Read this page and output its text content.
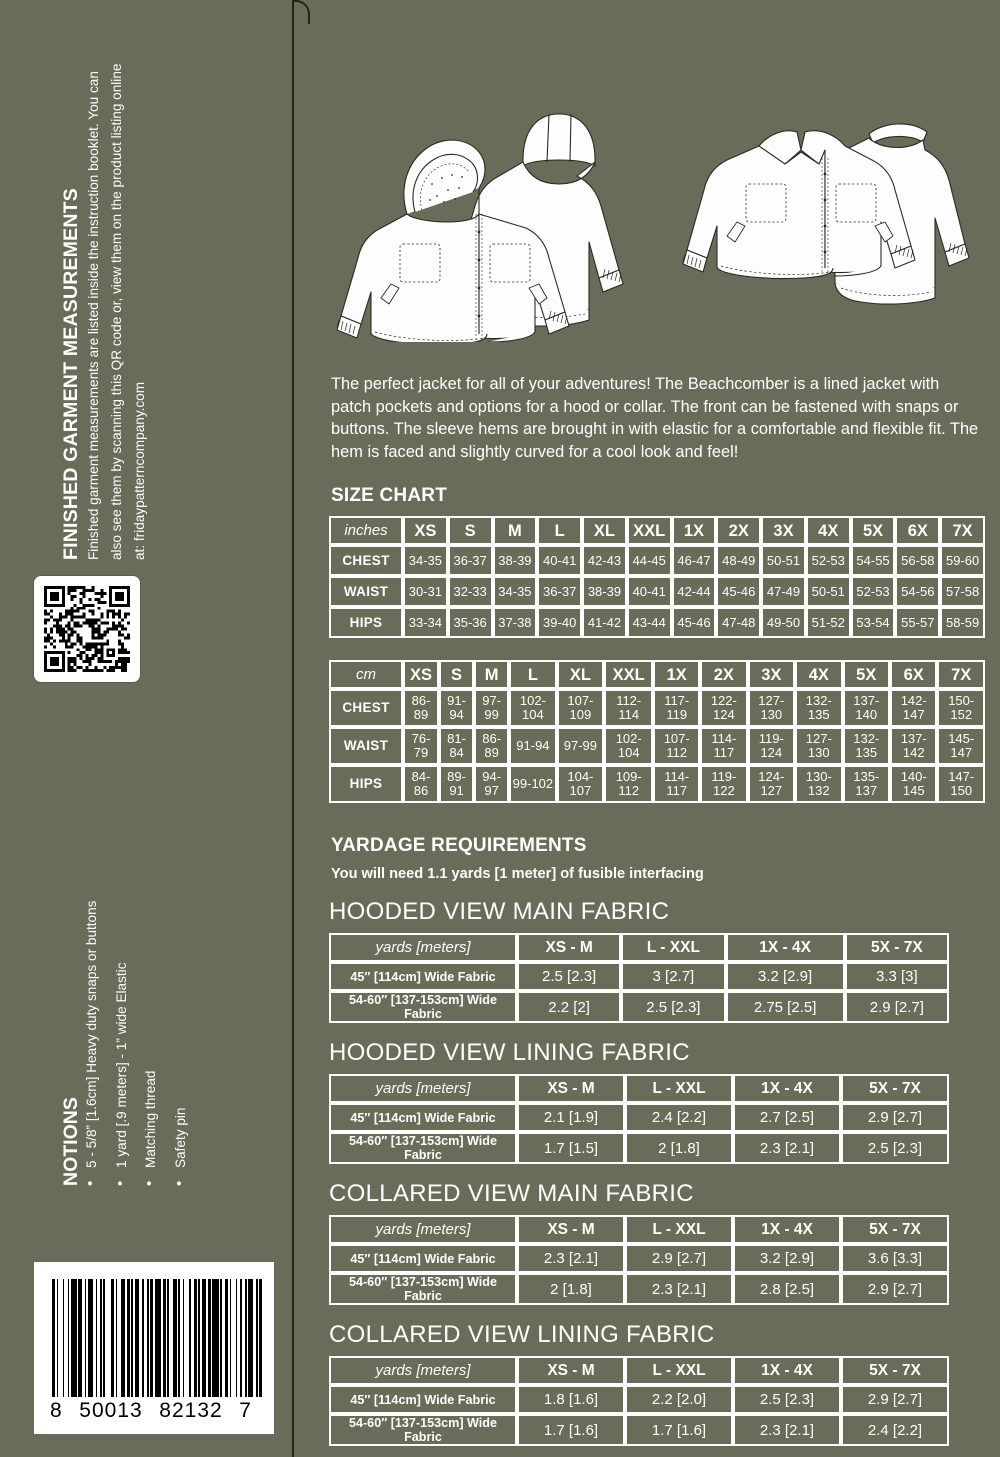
FINISHED GARMENT MEASUREMENTS Finished garment measurements are listed inside the instruction booklet. You can also see them by scanning this QR code or, view them on the product listing online at: fridaypatterncompany.com

NOTIONS • 5 - 5/8” [1.6cm] Heavy duty snaps or buttons • 1 yard [.9 meters] - 1” wide Elastic • Matching thread • Safety pin
8 50013 82132 7
The perfect jacket for all of your adventures! The Beachcomber is a lined jacket with patch pockets and options for a hood or collar. The front can be fastened with snaps or buttons. The sleeve hems are brought in with elastic for a comfortable and flexible fit. The hem is faced and slightly curved for a cool look and feel!
SIZE CHART
inches	XS	S	M	L	XL	XXL	1X	2X	3X	4X	5X	6X	7X
CHEST	34-35	36-37	38-39	40-41	42-43	44-45	46-47	48-49	50-51	52-53	54-55	56-58	59-60
WAIST	30-31	32-33	34-35	36-37	38-39	40-41	42-44	45-46	47-49	50-51	52-53	54-56	57-58
HIPS	33-34	35-36	37-38	39-40	41-42	43-44	45-46	47-48	49-50	51-52	53-54	55-57	58-59
cm	XS	S	M	L	XL	XXL	1X	2X	3X	4X	5X	6X	7X
CHEST	86-89	91-94	97-99	102-104	107-109	112-114	117-119	122-124	127-130	132-135	137-140	142-147	150-152
WAIST	76-79	81-84	86-89	91-94	97-99	102-104	107-112	114-117	119-124	127-130	132-135	137-142	145-147
HIPS	84-86	89-91	94-97	99-102	104-107	109-112	114-117	119-122	124-127	130-132	135-137	140-145	147-150
YARDAGE REQUIREMENTS
You will need 1.1 yards [1 meter] of fusible interfacing
HOODED VIEW MAIN FABRIC
yards [meters]	XS - M	L - XXL	1X - 4X	5X - 7X
45″ [114cm] Wide Fabric	2.5 [2.3]	3 [2.7]	3.2 [2.9]	3.3 [3]
54-60″ [137-153cm] Wide Fabric	2.2 [2]	2.5 [2.3]	2.75 [2.5]	2.9 [2.7]
HOODED VIEW LINING FABRIC
yards [meters]	XS - M	L - XXL	1X - 4X	5X - 7X
45″ [114cm] Wide Fabric	2.1 [1.9]	2.4 [2.2]	2.7 [2.5]	2.9 [2.7]
54-60″ [137-153cm] Wide Fabric	1.7 [1.5]	2 [1.8]	2.3 [2.1]	2.5 [2.3]
COLLARED VIEW MAIN FABRIC
yards [meters]	XS - M	L - XXL	1X - 4X	5X - 7X
45″ [114cm] Wide Fabric	2.3 [2.1]	2.9 [2.7]	3.2 [2.9]	3.6 [3.3]
54-60″ [137-153cm] Wide Fabric	2 [1.8]	2.3 [2.1]	2.8 [2.5]	2.9 [2.7]
COLLARED VIEW LINING FABRIC
yards [meters]	XS - M	L - XXL	1X - 4X	5X - 7X
45″ [114cm] Wide Fabric	1.8 [1.6]	2.2 [2.0]	2.5 [2.3]	2.9 [2.7]
54-60″ [137-153cm] Wide Fabric	1.7 [1.6]	1.7 [1.6]	2.3 [2.1]	2.4 [2.2]
